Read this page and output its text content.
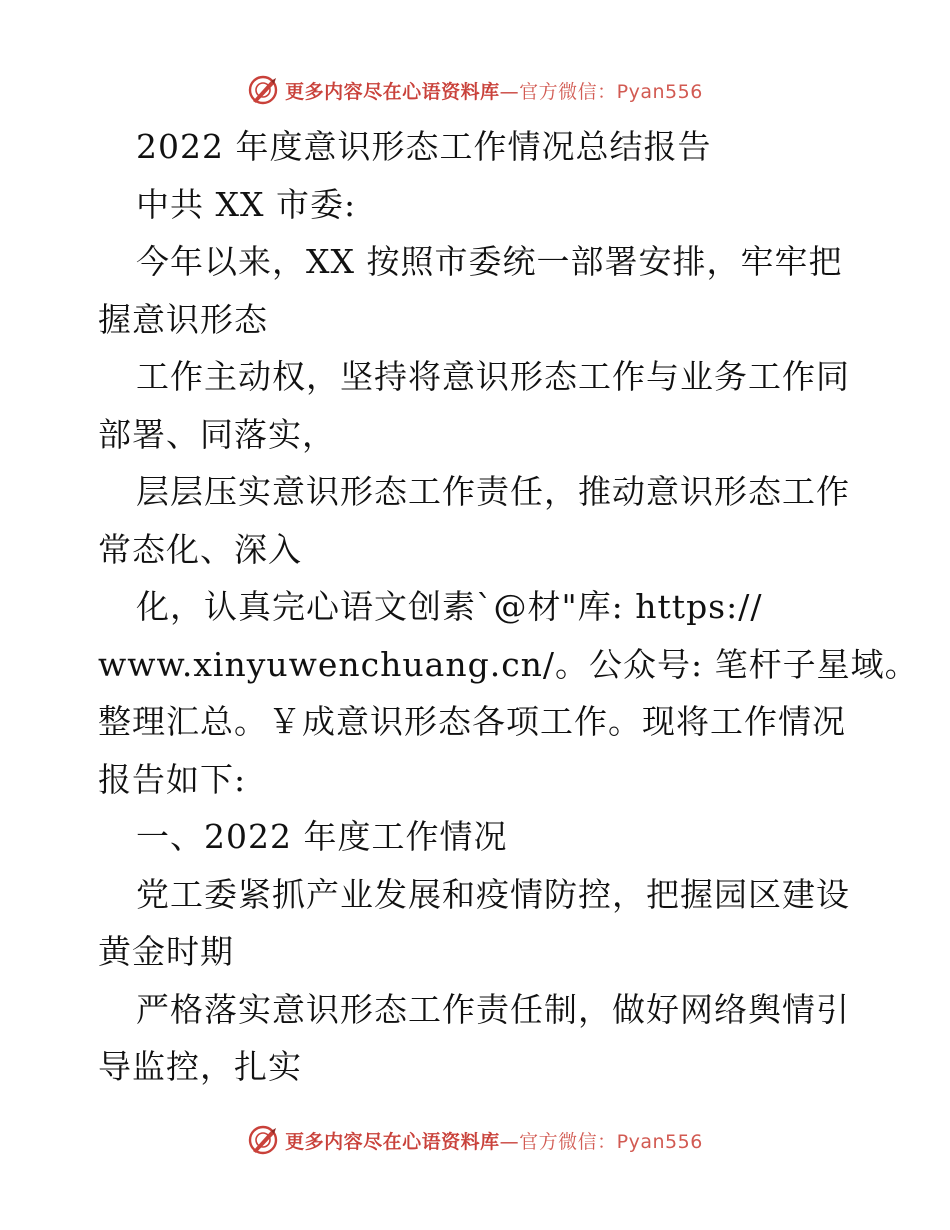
更多内容尽在心语资料库—官方微信：Pyan556
2022 年度意识形态工作情况总结报告
中共 XX 市委:
今年以来，XX 按照市委统一部署安排，牢牢把
握意识形态
工作主动权，坚持将意识形态工作与业务工作同
部署、同落实，
层层压实意识形态工作责任，推动意识形态工作
常态化、深入
化，认真完心语文创素`@材"库: https://
www.xinyuwenchuang.cn/。公众号: 笔杆子星域。
整理汇总。￥成意识形态各项工作。现将工作情况
报告如下:
一、2022 年度工作情况
党工委紧抓产业发展和疫情防控，把握园区建设
黄金时期
严格落实意识形态工作责任制，做好网络舆情引
导监控，扎实
更多内容尽在心语资料库—官方微信：Pyan556
